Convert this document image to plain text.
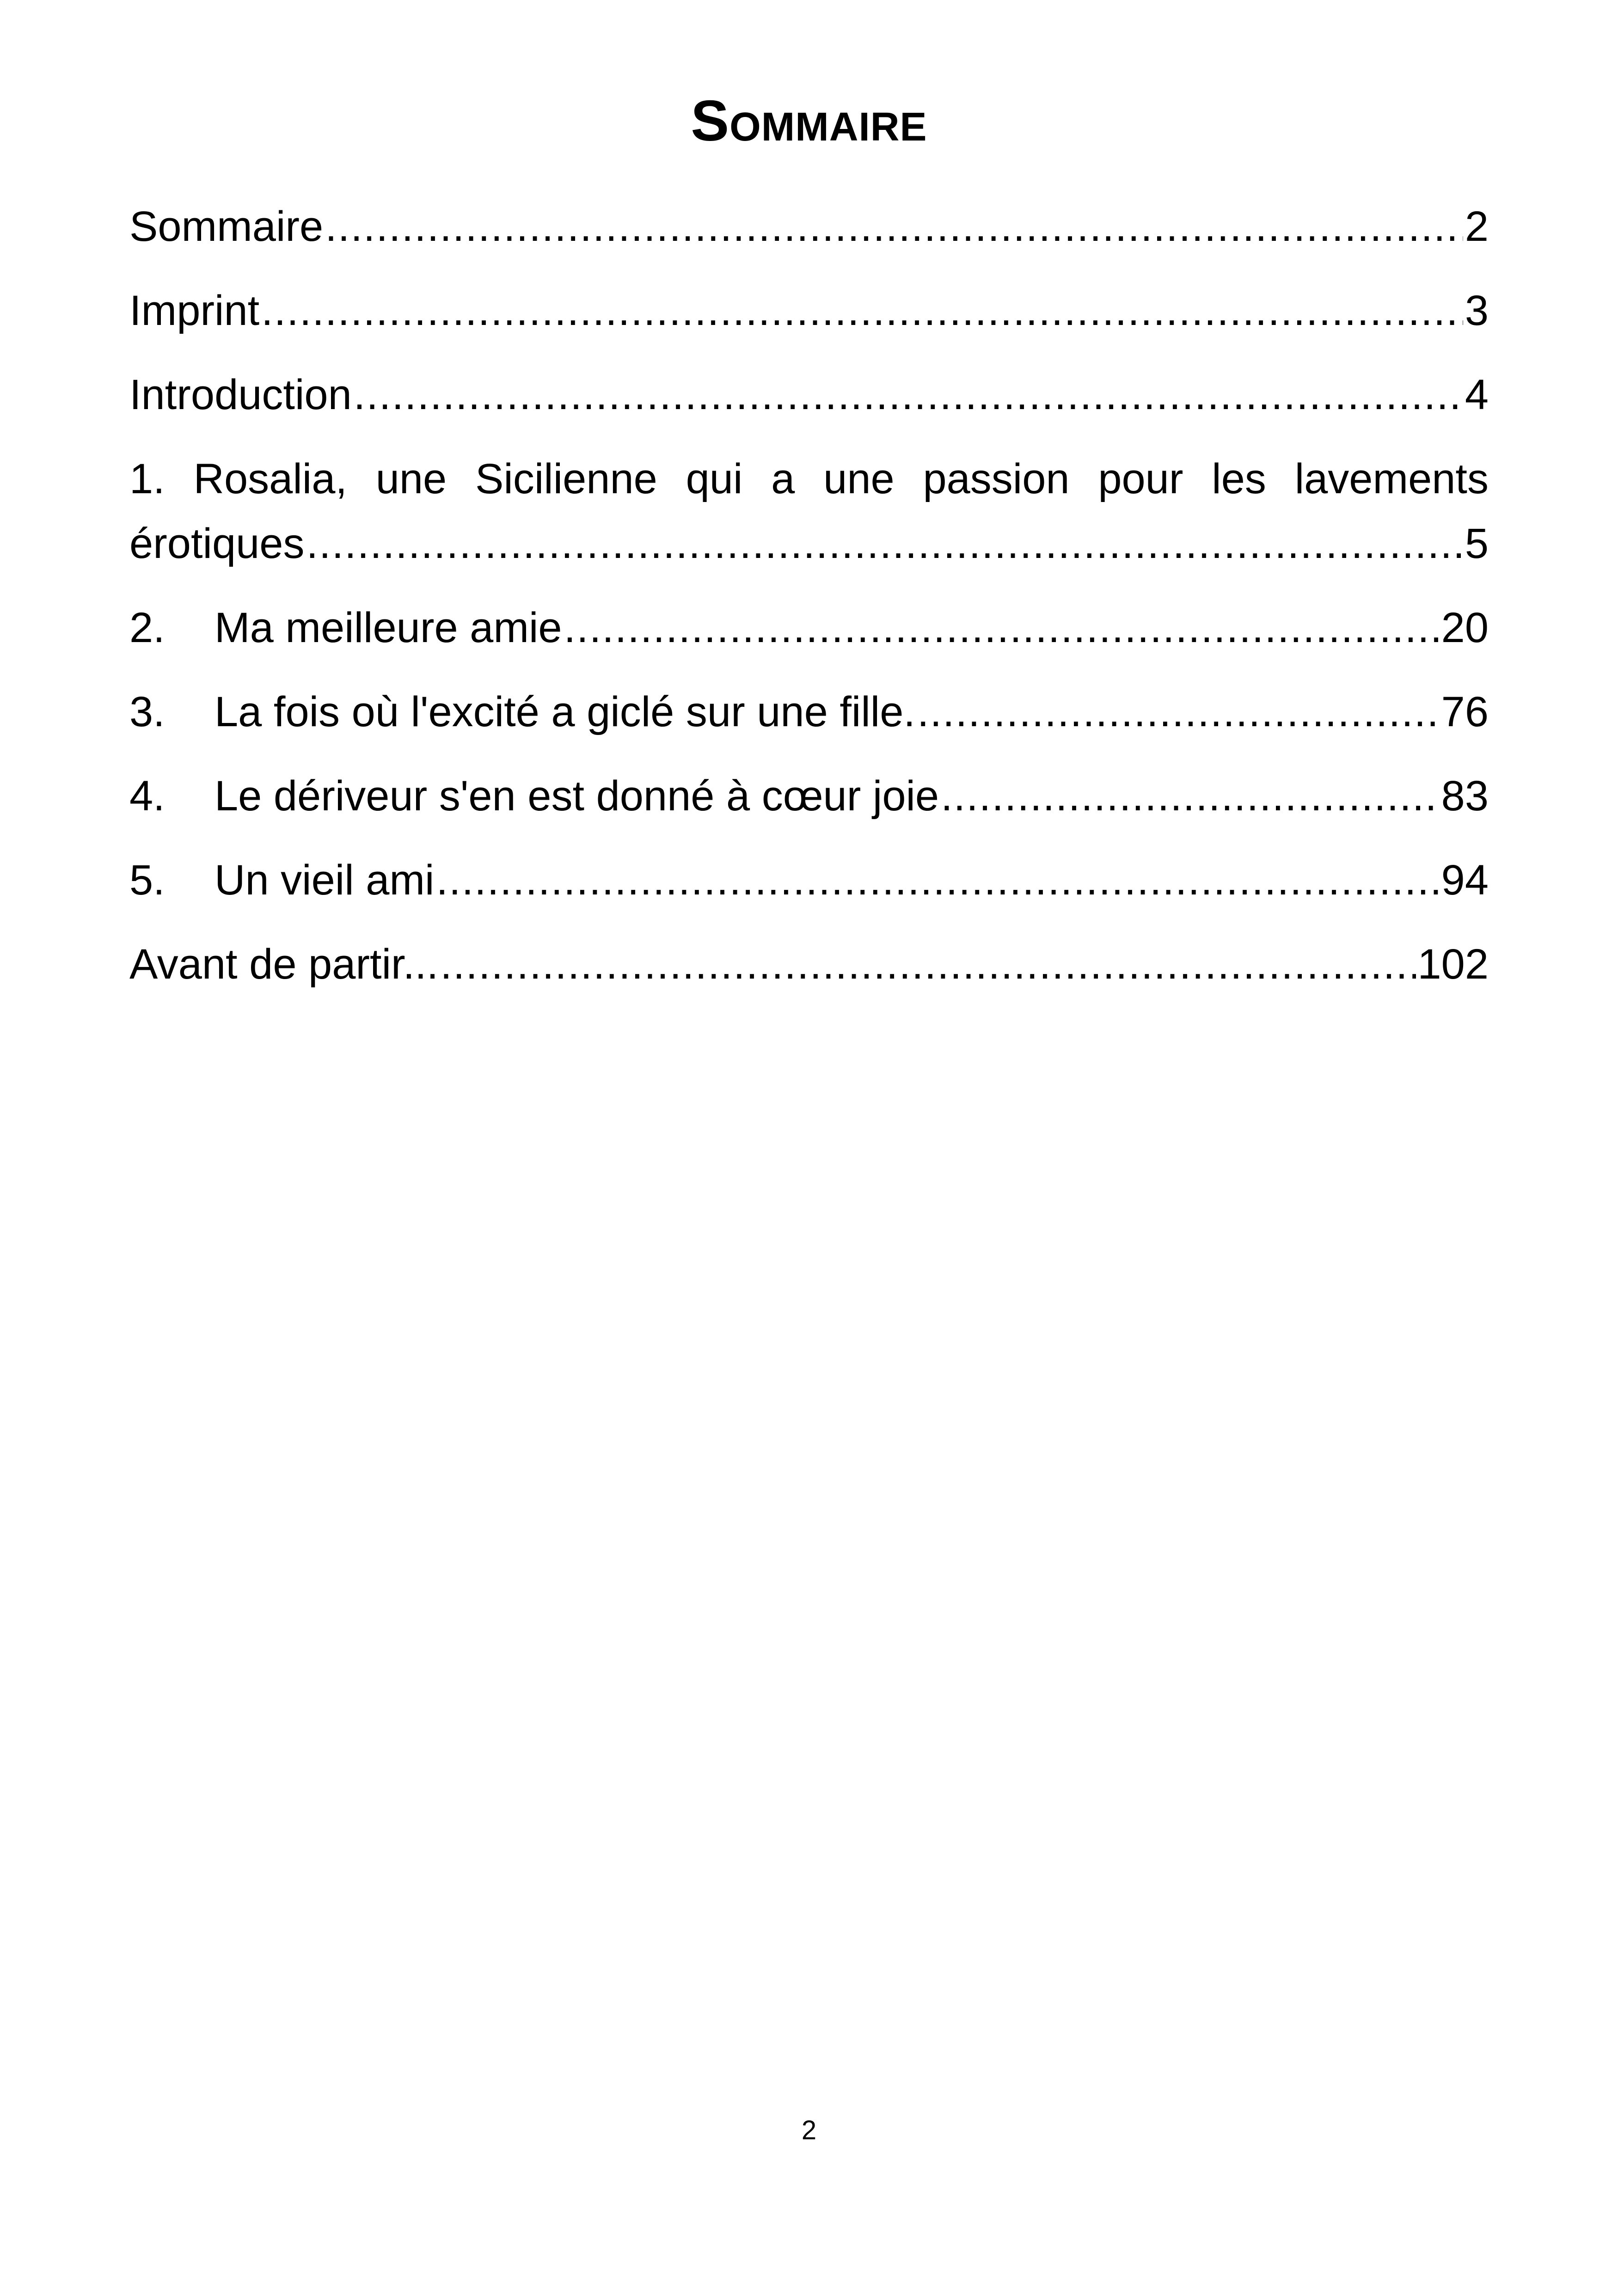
Sommaire
Sommaire .....	2
Imprint .....	3
Introduction .....	4
1. Rosalia, une Sicilienne qui a une passion pour les lavements
érotiques .....	5
2.	Ma meilleure amie .....	20
3.	La fois où l'excité a giclé sur une fille. .....	76
4.	Le dériveur s'en est donné à cœur joie .....	83
5.	Un vieil ami .....	94
Avant de partir... .....	102
2
